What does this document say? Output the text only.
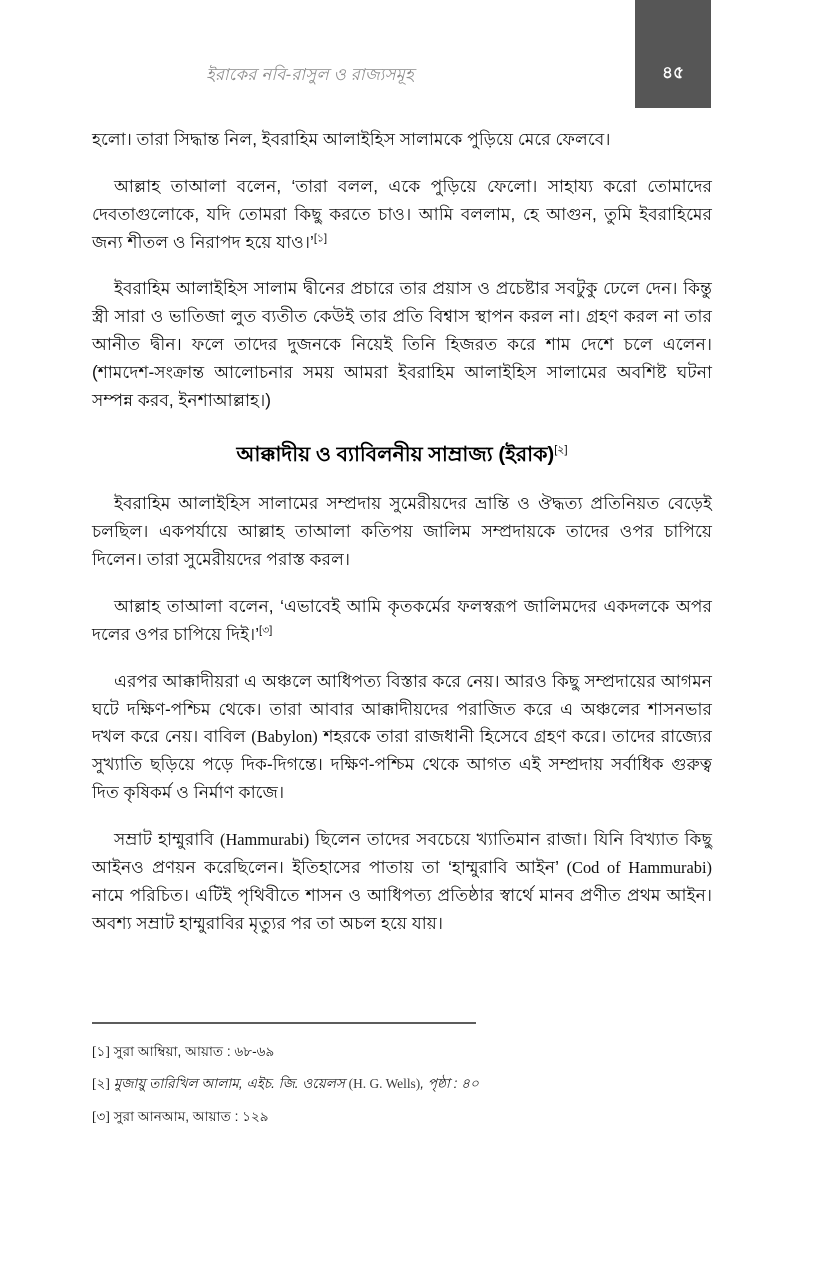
ইরাকের নবি-রাসুল ও রাজ্যসমূহ	৪৫

হলো। তারা সিদ্ধান্ত নিল, ইবরাহিম আলাইহিস সালামকে পুড়িয়ে মেরে ফেলবে।

আল্লাহ তাআলা বলেন, ‘তারা বলল, একে পুড়িয়ে ফেলো। সাহায্য করো তোমাদের দেবতাগুলোকে, যদি তোমরা কিছু করতে চাও। আমি বললাম, হে আগুন, তুমি ইবরাহিমের জন্য শীতল ও নিরাপদ হয়ে যাও।’[১]

ইবরাহিম আলাইহিস সালাম দ্বীনের প্রচারে তার প্রয়াস ও প্রচেষ্টার সবটুকু ঢেলে দেন। কিন্তু স্ত্রী সারা ও ভাতিজা লুত ব্যতীত কেউই তার প্রতি বিশ্বাস স্থাপন করল না। গ্রহণ করল না তার আনীত দ্বীন। ফলে তাদের দুজনকে নিয়েই তিনি হিজরত করে শাম দেশে চলে এলেন। (শামদেশ-সংক্রান্ত আলোচনার সময় আমরা ইবরাহিম আলাইহিস সালামের অবশিষ্ট ঘটনা সম্পন্ন করব, ইনশাআল্লাহ।)

আক্কাদীয় ও ব্যাবিলনীয় সাম্রাজ্য (ইরাক)[২]

ইবরাহিম আলাইহিস সালামের সম্প্রদায় সুমেরীয়দের ভ্রান্তি ও ঔদ্ধত্য প্রতিনিয়ত বেড়েই চলছিল। একপর্যায়ে আল্লাহ তাআলা কতিপয় জালিম সম্প্রদায়কে তাদের ওপর চাপিয়ে দিলেন। তারা সুমেরীয়দের পরাস্ত করল।

আল্লাহ তাআলা বলেন, ‘এভাবেই আমি কৃতকর্মের ফলস্বরূপ জালিমদের একদলকে অপর দলের ওপর চাপিয়ে দিই।’[৩]

এরপর আক্কাদীয়রা এ অঞ্চলে আধিপত্য বিস্তার করে নেয়। আরও কিছু সম্প্রদায়ের আগমন ঘটে দক্ষিণ-পশ্চিম থেকে। তারা আবার আক্কাদীয়দের পরাজিত করে এ অঞ্চলের শাসনভার দখল করে নেয়। বাবিল (Babylon) শহরকে তারা রাজধানী হিসেবে গ্রহণ করে। তাদের রাজ্যের সুখ্যাতি ছড়িয়ে পড়ে দিক-দিগন্তে। দক্ষিণ-পশ্চিম থেকে আগত এই সম্প্রদায় সর্বাধিক গুরুত্ব দিত কৃষিকর্ম ও নির্মাণ কাজে।

সম্রাট হাম্মুরাবি (Hammurabi) ছিলেন তাদের সবচেয়ে খ্যাতিমান রাজা। যিনি বিখ্যাত কিছু আইনও প্রণয়ন করেছিলেন। ইতিহাসের পাতায় তা ‘হাম্মুরাবি আইন’ (Cod of Hammurabi) নামে পরিচিত। এটিই পৃথিবীতে শাসন ও আধিপত্য প্রতিষ্ঠার স্বার্থে মানব প্রণীত প্রথম আইন। অবশ্য সম্রাট হাম্মুরাবির মৃত্যুর পর তা অচল হয়ে যায়।

[১] সুরা আম্বিয়া, আয়াত : ৬৮-৬৯
[২] মুজায়ু তারিখিল আলাম, এইচ. জি. ওয়েলস (H. G. Wells), পৃষ্ঠা : ৪০
[৩] সুরা আনআম, আয়াত : ১২৯
